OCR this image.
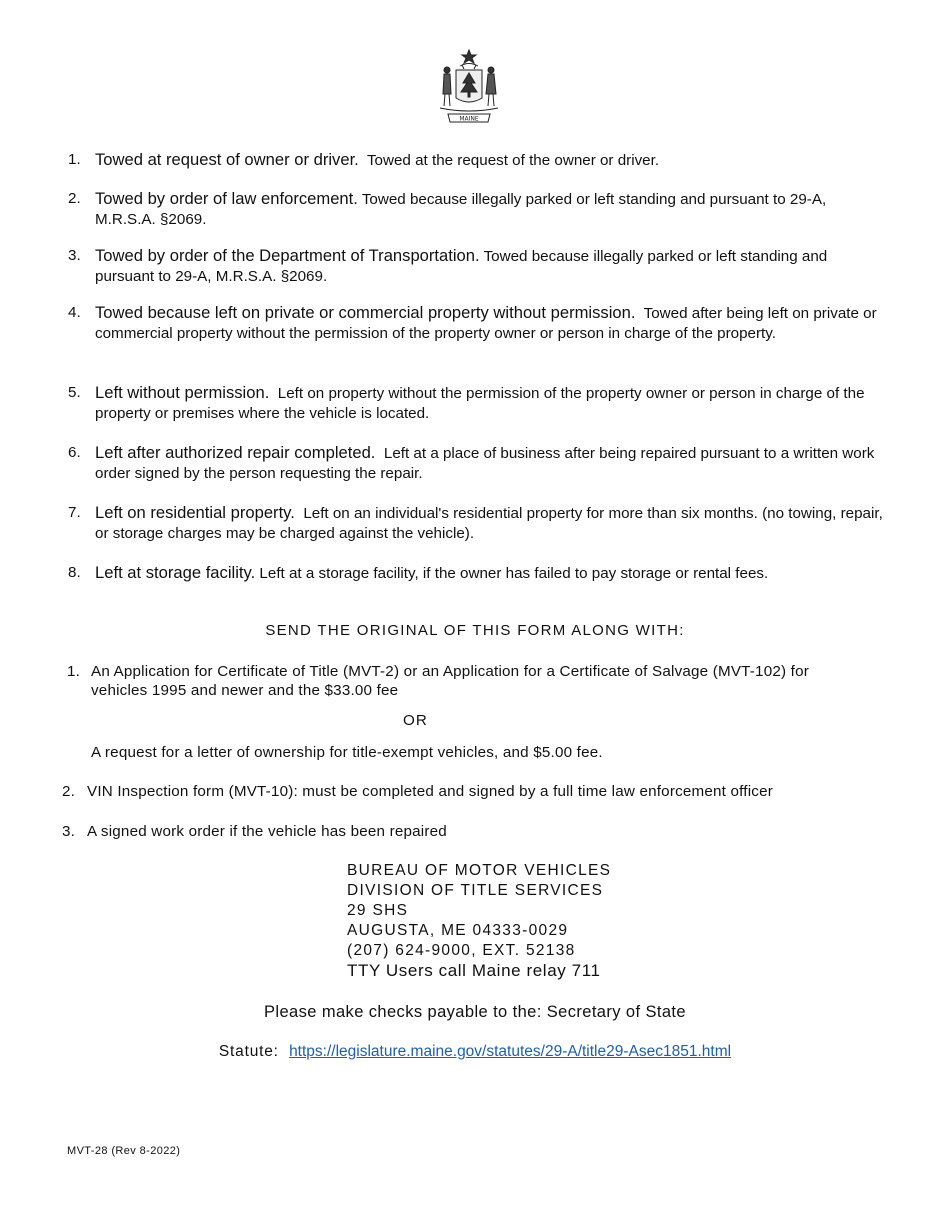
MAINE
1. Towed at request of owner or driver. Towed at the request of the owner or driver.
2. Towed by order of law enforcement. Towed because illegally parked or left standing and pursuant to 29-A, M.R.S.A. §2069.
3. Towed by order of the Department of Transportation. Towed because illegally parked or left standing and pursuant to 29-A, M.R.S.A. §2069.
4. Towed because left on private or commercial property without permission. Towed after being left on private or commercial property without the permission of the property owner or person in charge of the property.
5. Left without permission. Left on property without the permission of the property owner or person in charge of the property or premises where the vehicle is located.
6. Left after authorized repair completed. Left at a place of business after being repaired pursuant to a written work order signed by the person requesting the repair.
7. Left on residential property. Left on an individual's residential property for more than six months. (no towing, repair, or storage charges may be charged against the vehicle).
8. Left at storage facility. Left at a storage facility, if the owner has failed to pay storage or rental fees.
SEND THE ORIGINAL OF THIS FORM ALONG WITH:
1. An Application for Certificate of Title (MVT-2) or an Application for a Certificate of Salvage (MVT-102) for vehicles 1995 and newer and the $33.00 fee
OR
A request for a letter of ownership for title-exempt vehicles, and $5.00 fee.
2. VIN Inspection form (MVT-10): must be completed and signed by a full time law enforcement officer
3. A signed work order if the vehicle has been repaired
BUREAU OF MOTOR VEHICLES
DIVISION OF TITLE SERVICES
29 SHS
AUGUSTA, ME 04333-0029
(207) 624-9000, EXT. 52138
TTY Users call Maine relay 711
Please make checks payable to the: Secretary of State
Statute: https://legislature.maine.gov/statutes/29-A/title29-Asec1851.html
MVT-28 (Rev 8-2022)
